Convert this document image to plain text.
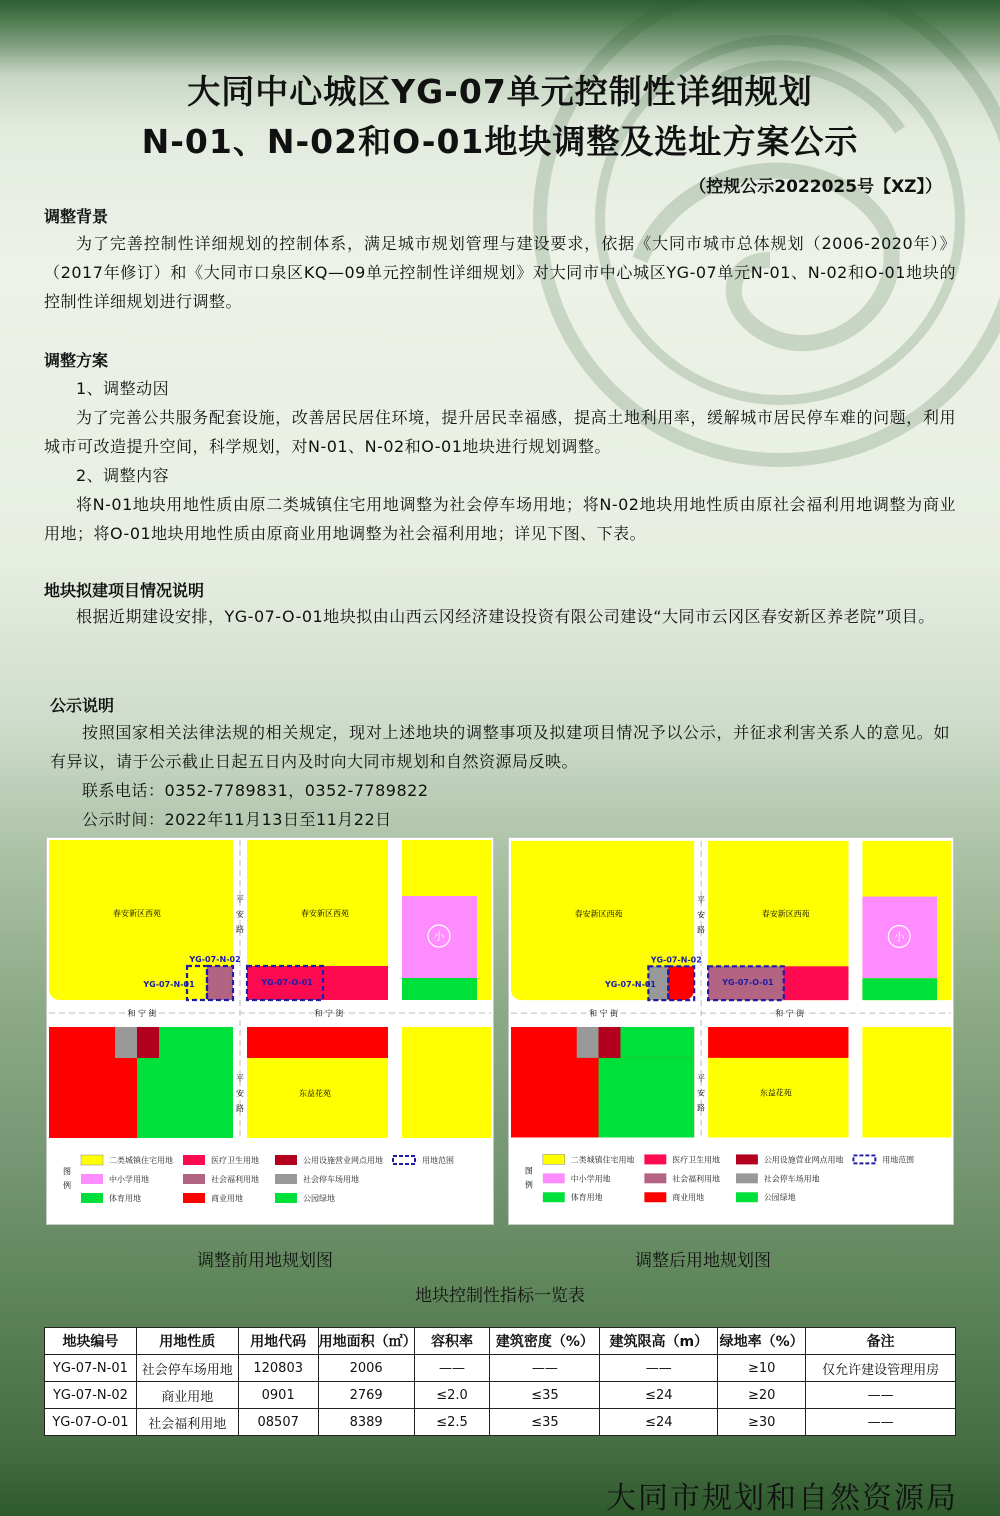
大同中心城区YG-07单元控制性详细规划
N-01、N-02和O-01地块调整及选址方案公示
（控规公示2022025号【XZ】）
调整背景

为了完善控制性详细规划的控制体系，满足城市规划管理与建设要求，依据《大同市城市总体规划（2006-2020年）》（2017年修订）和《大同市口泉区KQ—09单元控制性详细规划》对大同市中心城区YG-07单元N-01、N-02和O-01地块的控制性详细规划进行调整。

调整方案

1、调整动因

为了完善公共服务配套设施，改善居民居住环境，提升居民幸福感，提高土地利用率，缓解城市居民停车难的问题，利用城市可改造提升空间，科学规划，对N-01、N-02和O-01地块进行规划调整。

2、调整内容

将N-01地块用地性质由原二类城镇住宅用地调整为社会停车场用地；将N-02地块用地性质由原社会福利用地调整为商业用地；将O-01地块用地性质由原商业用地调整为社会福利用地；详见下图、下表。

地块拟建项目情况说明

根据近期建设安排，YG-07-O-01地块拟由山西云冈经济建设投资有限公司建设“大同市云冈区春安新区养老院”项目。

公示说明

按照国家相关法律法规的相关规定，现对上述地块的调整事项及拟建项目情况予以公示，并征求利害关系人的意见。如有异议，请于公示截止日起五日内及时向大同市规划和自然资源局反映。

联系电话：0352-7789831，0352-7789822

公示时间：2022年11月13日至11月22日

小
春安新区西苑	春安新区西苑
东益花苑
平
安
路
平
安
路
和 宁 街	和 宁 街
YG-07-N-02
YG-07-N-01	YG-07-O-01
图
例
二类城镇住宅用地	医疗卫生用地	公用设施营业网点用地	用地范围
中小学用地	社会福利用地	社会停车场用地
体育用地	商业用地	公园绿地
小
春安新区西苑	春安新区西苑
东益花苑
平
安
路
平
安
路
和 宁 街	和 宁 街
YG-07-N-02
YG-07-N-01	YG-07-O-01
图
例
二类城镇住宅用地	医疗卫生用地	公用设施营业网点用地	用地范围
中小学用地	社会福利用地	社会停车场用地
体育用地	商业用地	公园绿地
调整前用地规划图	调整后用地规划图
地块控制性指标一览表
地块编号	用地性质	用地代码	用地面积（㎡）	容积率	建筑密度（%）	建筑限高（m）	绿地率（%）	备注
YG-07-N-01	社会停车场用地	120803	2006	——	——	——	≥10	仅允许建设管理用房
YG-07-N-02	商业用地	0901	2769	≤2.0	≤35	≤24	≥20	——
YG-07-O-01	社会福利用地	08507	8389	≤2.5	≤35	≤24	≥30	——
大同市规划和自然资源局
